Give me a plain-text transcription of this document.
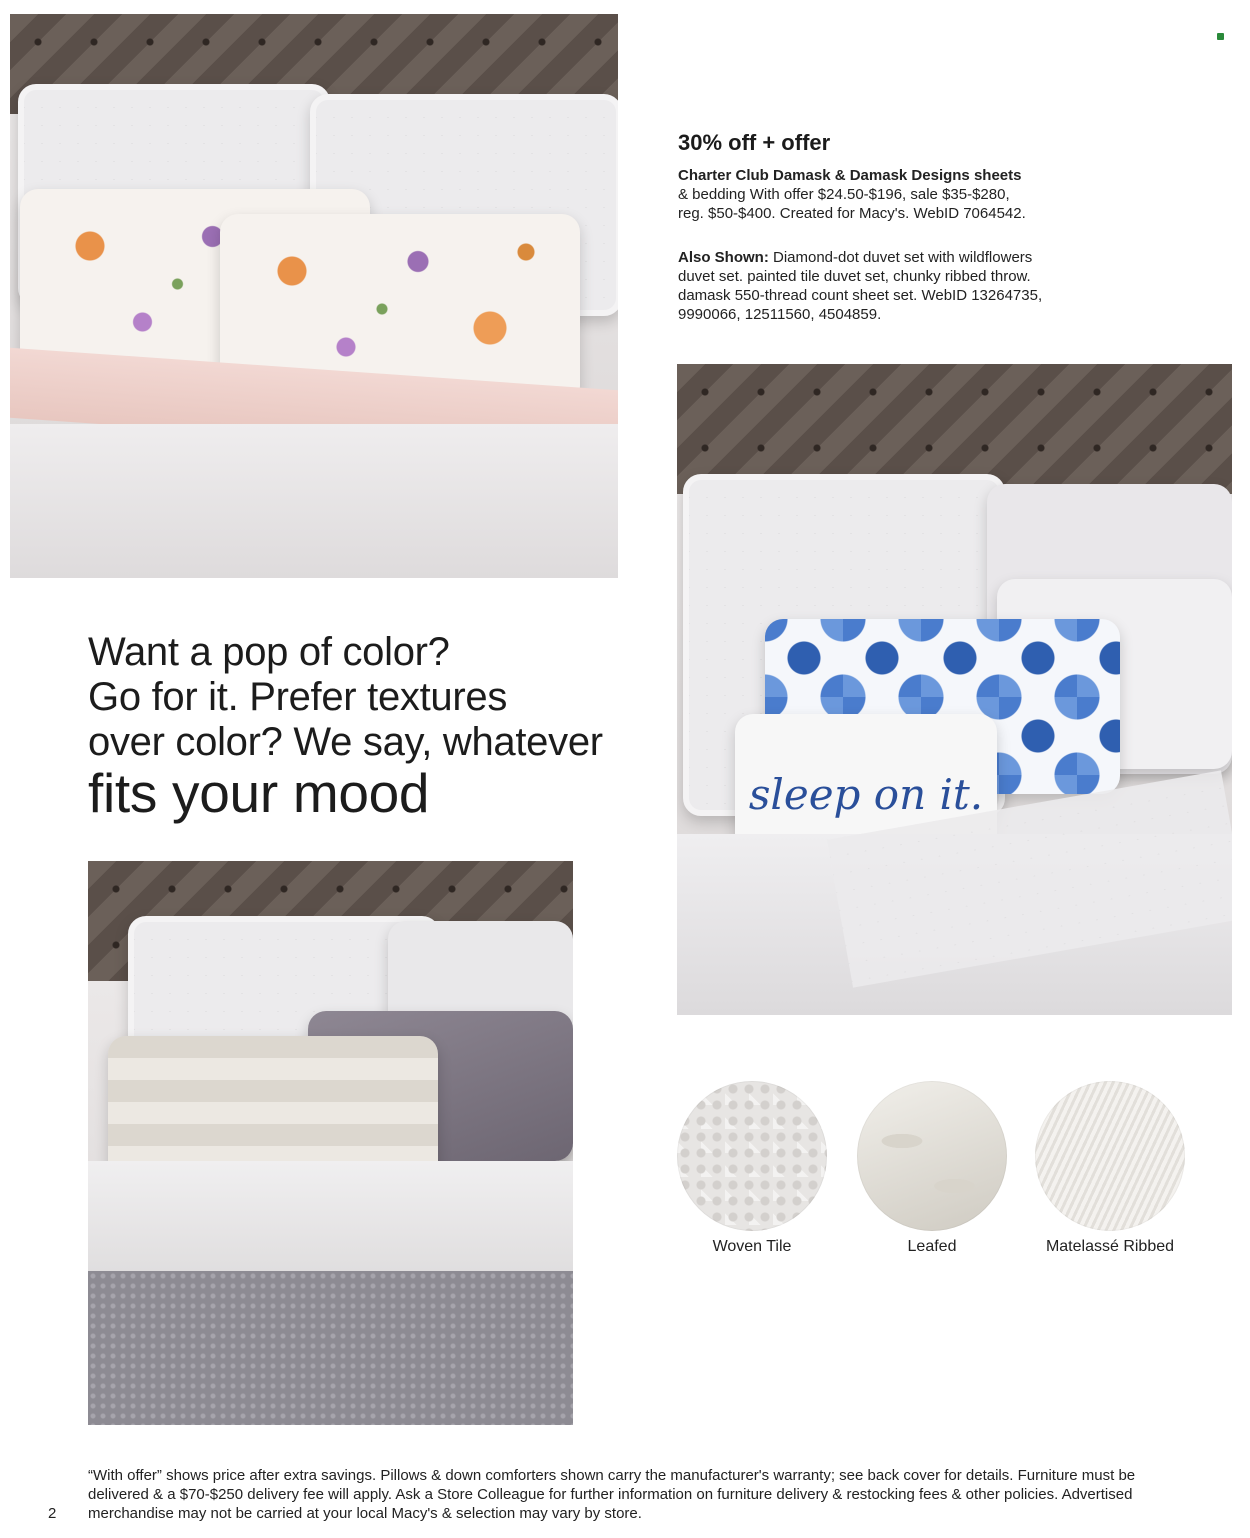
30% off + offer
Charter Club Damask & Damask Designs sheets
& bedding With offer $24.50-$196, sale $35-$280,
reg. $50-$400. Created for Macy's. WebID 7064542.
Also Shown: Diamond-dot duvet set with wildflowers
duvet set. painted tile duvet set, chunky ribbed throw.
damask 550-thread count sheet set. WebID 13264735,
9990066, 12511560, 4504859.
sleep on it.
Want a pop of color?
Go for it. Prefer textures
over color? We say, whatever
fits your mood
Woven Tile	Leafed	Matelassé Ribbed
“With offer” shows price after extra savings. Pillows & down comforters shown carry the manufacturer's warranty; see back cover for details. Furniture must be
delivered & a $70-$250 delivery fee will apply. Ask a Store Colleague for further information on furniture delivery & restocking fees & other policies. Advertised
merchandise may not be carried at your local Macy's & selection may vary by store.
2
